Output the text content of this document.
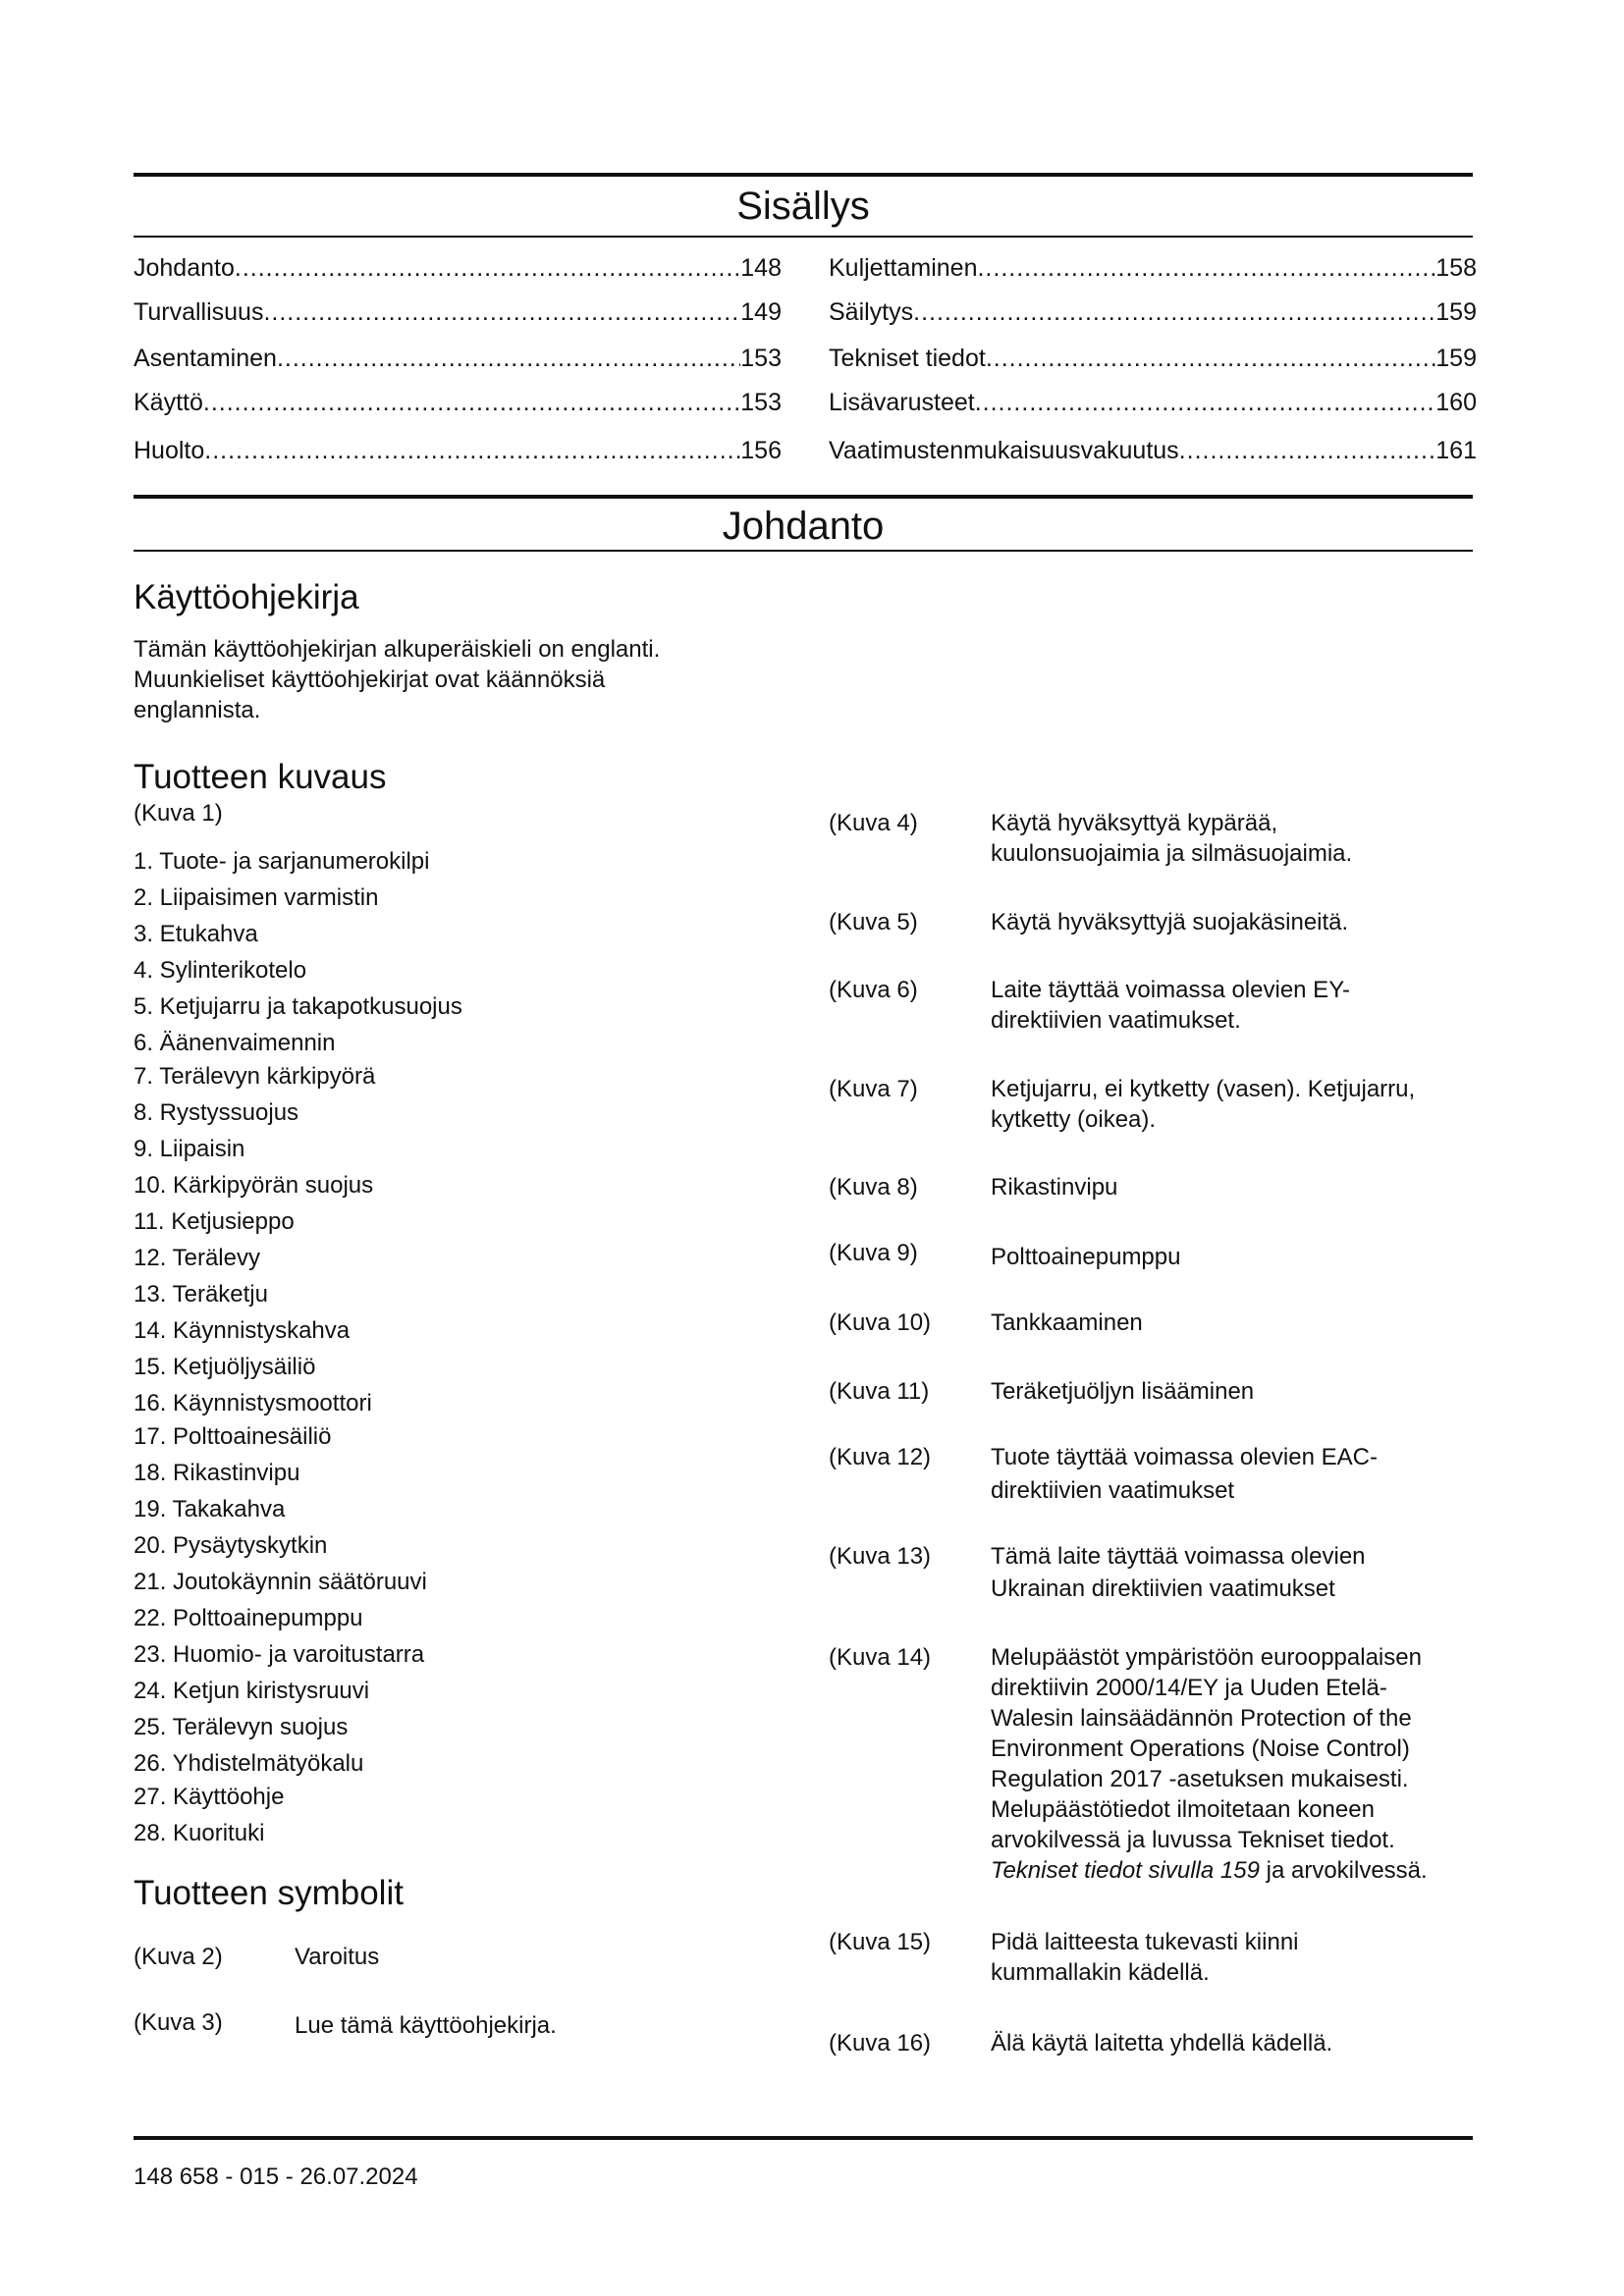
Sisällys
Johdanto .....	148
Turvallisuus .....	149
Asentaminen .....	153
Käyttö .....	153
Huolto .....	156
Kuljettaminen .....	158
Säilytys .....	159
Tekniset tiedot .....	159
Lisävarusteet .....	160
Vaatimustenmukaisuusvakuutus .....	161
Johdanto
Käyttöohjekirja
Tämän käyttöohjekirjan alkuperäiskieli on englanti.
Muunkieliset käyttöohjekirjat ovat käännöksiä
englannista.
Tuotteen kuvaus
(Kuva 1)
1. Tuote- ja sarjanumerokilpi
2. Liipaisimen varmistin
3. Etukahva
4. Sylinterikotelo
5. Ketjujarru ja takapotkusuojus
6. Äänenvaimennin
7. Terälevyn kärkipyörä
8. Rystyssuojus
9. Liipaisin
10. Kärkipyörän suojus
11. Ketjusieppo
12. Terälevy
13. Teräketju
14. Käynnistyskahva
15. Ketjuöljysäiliö
16. Käynnistysmoottori
17. Polttoainesäiliö
18. Rikastinvipu
19. Takakahva
20. Pysäytyskytkin
21. Joutokäynnin säätöruuvi
22. Polttoainepumppu
23. Huomio- ja varoitustarra
24. Ketjun kiristysruuvi
25. Terälevyn suojus
26. Yhdistelmätyökalu
27. Käyttöohje
28. Kuorituki
Tuotteen symbolit
(Kuva 2)	Varoitus
(Kuva 3)	Lue tämä käyttöohjekirja.
(Kuva 4)	Käytä hyväksyttyä kypärää,
kuulonsuojaimia ja silmäsuojaimia.
(Kuva 5)	Käytä hyväksyttyjä suojakäsineitä.
(Kuva 6)	Laite täyttää voimassa olevien EY-
direktiivien vaatimukset.
(Kuva 7)	Ketjujarru, ei kytketty (vasen). Ketjujarru,
kytketty (oikea).
(Kuva 8)	Rikastinvipu
(Kuva 9)	Polttoainepumppu
(Kuva 10)	Tankkaaminen
(Kuva 11)	Teräketjuöljyn lisääminen
(Kuva 12)	Tuote täyttää voimassa olevien EAC-
direktiivien vaatimukset
(Kuva 13)	Tämä laite täyttää voimassa olevien
Ukrainan direktiivien vaatimukset
(Kuva 14)	Melupäästöt ympäristöön eurooppalaisen
direktiivin 2000/14/EY ja Uuden Etelä-
Walesin lainsäädännön Protection of the
Environment Operations (Noise Control)
Regulation 2017 -asetuksen mukaisesti.
Melupäästötiedot ilmoitetaan koneen
arvokilvessä ja luvussa Tekniset tiedot.
Tekniset tiedot sivulla 159 ja arvokilvessä.
(Kuva 15)	Pidä laitteesta tukevasti kiinni
kummallakin kädellä.
(Kuva 16)	Älä käytä laitetta yhdellä kädellä.
148 658 - 015 - 26.07.2024
